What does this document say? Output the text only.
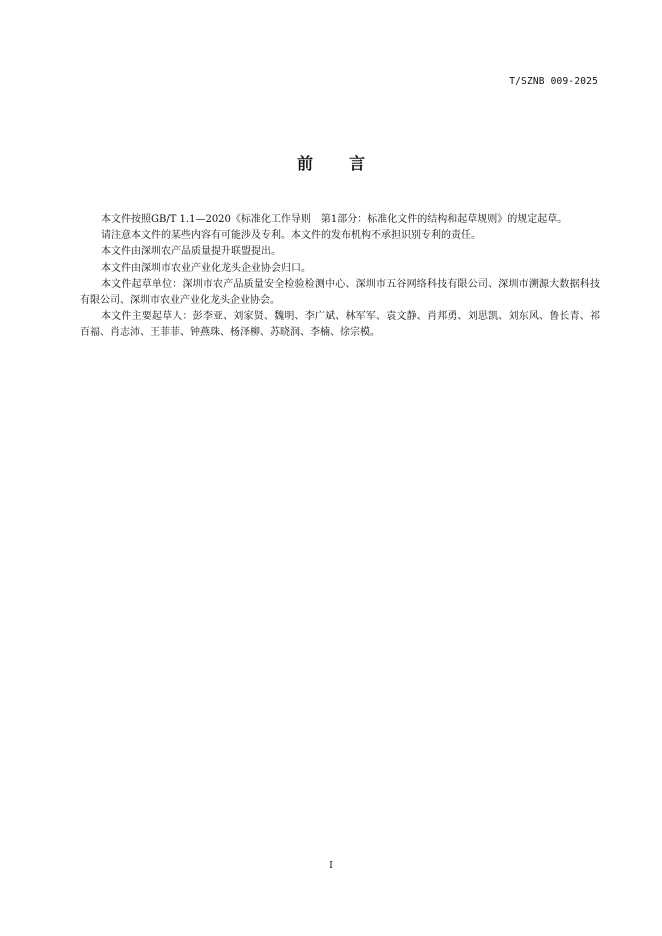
T/SZNB 009-2025
前言

本文件按照GB/T 1.1—2020《标准化工作导则　第1部分：标准化文件的结构和起草规则》的规定起草。

请注意本文件的某些内容有可能涉及专利。本文件的发布机构不承担识别专利的责任。

本文件由深圳农产品质量提升联盟提出。

本文件由深圳市农业产业化龙头企业协会归口。

本文件起草单位：深圳市农产品质量安全检验检测中心、深圳市五谷网络科技有限公司、深圳市溯源大数据科技有限公司、深圳市农业产业化龙头企业协会。

本文件主要起草人：彭李亚、刘家贤、魏明、李广斌、林军军、袁文静、肖邦勇、刘思凯、刘东风、鲁长青、祁百福、肖志沛、王菲菲、钟燕珠、杨泽柳、苏晓润、李楠、徐宗模。

I
